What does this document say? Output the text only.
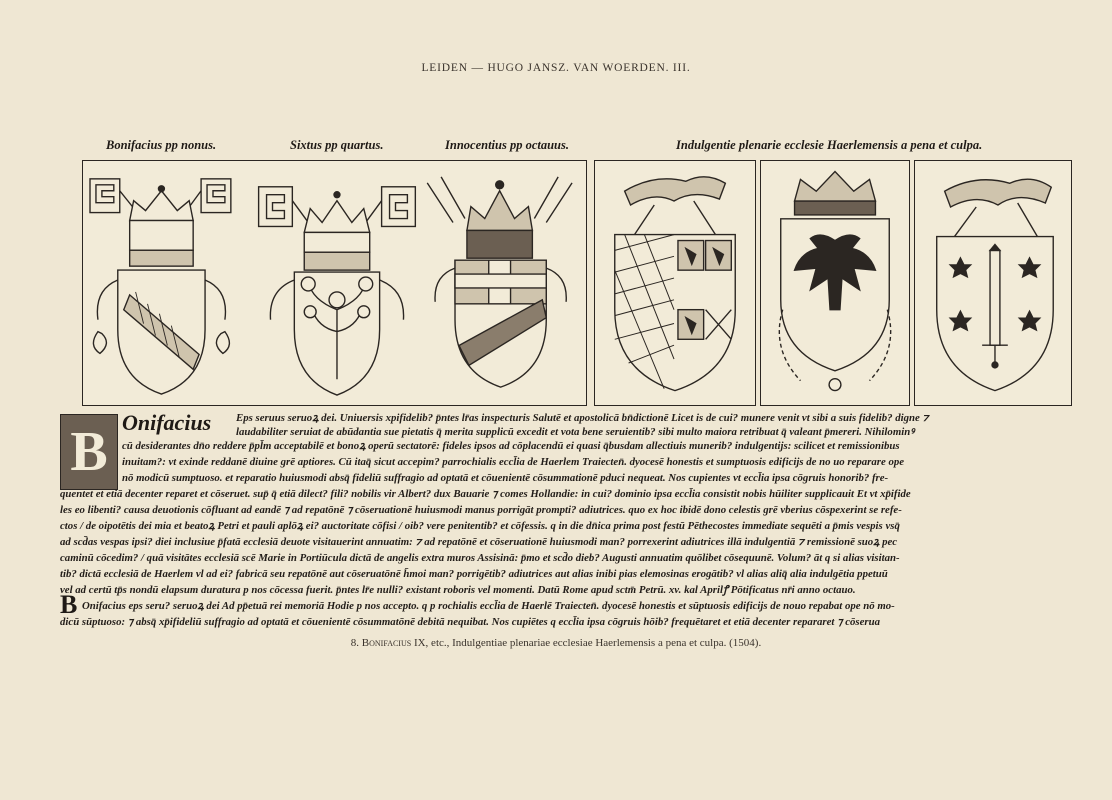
LEIDEN — HUGO JANSZ. VAN WOERDEN. III.
Bonifacius pp nonus.	Sixtus pp quartus.	Innocentius pp octauus.	Indulgentie plenarie ecclesie Haerlemensis a pena et culpa.
B Onifacius Eps seruus seruoꝝ dei. Uniuersis xpifidelib? p̄ntes lr̄as inspecturis Salutē et apostolicā bn̄dictionē Licet is de cui? munere venit vt sibi a suis fidelib? digne ⁊
laudabiliter seruiat de abūdantia sue pietatis q̄ merita supplicū excedit et vota bene seruientib? sibi multo maiora retribuat q̄ valeant p̄mereri. Nihilominꝰ
cū desiderantes dn̄o reddere p̄pl̄m acceptabilē et bonoꝝ operū sectatorē: fideles ipsos ad cōplacendū ei quasi q̄busdam allectiuis munerib? indulgentijs: scilicet et remissionibus
inuitam?: vt exinde reddanē diuine grē aptiores. Cū itaq̄ sicut accepim? parrochialis eccl̄ia de Haerlem Traiecten̄. dyocesē honestis et sumptuosis edificijs de no uo reparare ope
nō modicū sumptuoso. et reparatio huiusmodi absq̄ fideliū suffragio ad optatā et cōuenientē cōsummationē pduci nequeat. Nos cupientes vt eccl̄ia ipsa cōgruis honorib? fre-
quentet et etiā decenter reparet et cōseruet. sup̄ q̄ etiā dilect? fili? nobilis vir Albert? dux Bauarie ⁊ comes Hollandie: in cui? dominio ipsa eccl̄ia consistit nobis hūiliter supplicauit Et vt xp̄ifide
les eo libenti? causa deuotionis cōfluant ad eandē ⁊ ad repatōnē ⁊ cōseruationē huiusmodi manus porrigāt prompti? adiutrices. quo ex hoc ibidē dono celestis grē vberius cōspexerint se refe-
ctos / de oipotētis dei mia et beatoꝝ Petri et pauli aplōꝝ ei? auctoritate cōfisi / oib? vere penitentib? et cōfessis. q in die dn̄ica prima post festū Pēthecostes immediate sequēti a p̄mis vespis vsq̄
ad scd̄as vespas ipsi? diei inclusiue p̄fatā ecclesiā deuote visitauerint annuatim: ⁊ ad repatōnē et cōseruationē huiusmodi man? porrexerint adiutrices illā indulgentiā ⁊ remissionē suoꝝ pec
caminū cōcedim? / quā visitātes ecclesiā scē Marie in Portiūcula dictā de angelis extra muros Assisinā: p̄mo et scd̄o dieb? Augusti annuatim quōlibet cōsequunē. Volum? āt q si alias visitan-
tib? dictā ecclesiā de Haerlem vl ad ei? fabricā seu repatōnē aut cōseruatōnē h̄moi man? porrigētib? adiutrices aut alias inibi pias elemosinas erogātib? vl alias aliq̄ alia indulgētia ppetuū
vel ad certū tp̄s nondū elapsum duratura p nos cōcessa fuerit. p̄ntes lr̄e nulli? existant roboris vel momenti. Datū Rome apud sctm̄ Petrū. xv. kal Aprilꝭ Pōtificatus nr̄i anno octauo.
B Onifacius eps seru? seruoꝝ dei Ad pp̄etuā rei memoriā Hodie p nos accepto. q p rochialis eccl̄ia de Haerlē Traiecten̄. dyocesē honestis et sūptuosis edificijs de nouo repabat ope nō mo-
dicū sūptuoso: ⁊ absq̄ xp̄ifideliū suffragio ad optatā et cōuenientē cōsummatōnē debitā nequibat. Nos cupiētes q eccl̄ia ipsa cōgruis hōib? frequētaret et etiā decenter repararet ⁊ cōserua
8. Bonifacius IX, etc., Indulgentiae plenariae ecclesiae Haerlemensis a pena et culpa. (1504).
